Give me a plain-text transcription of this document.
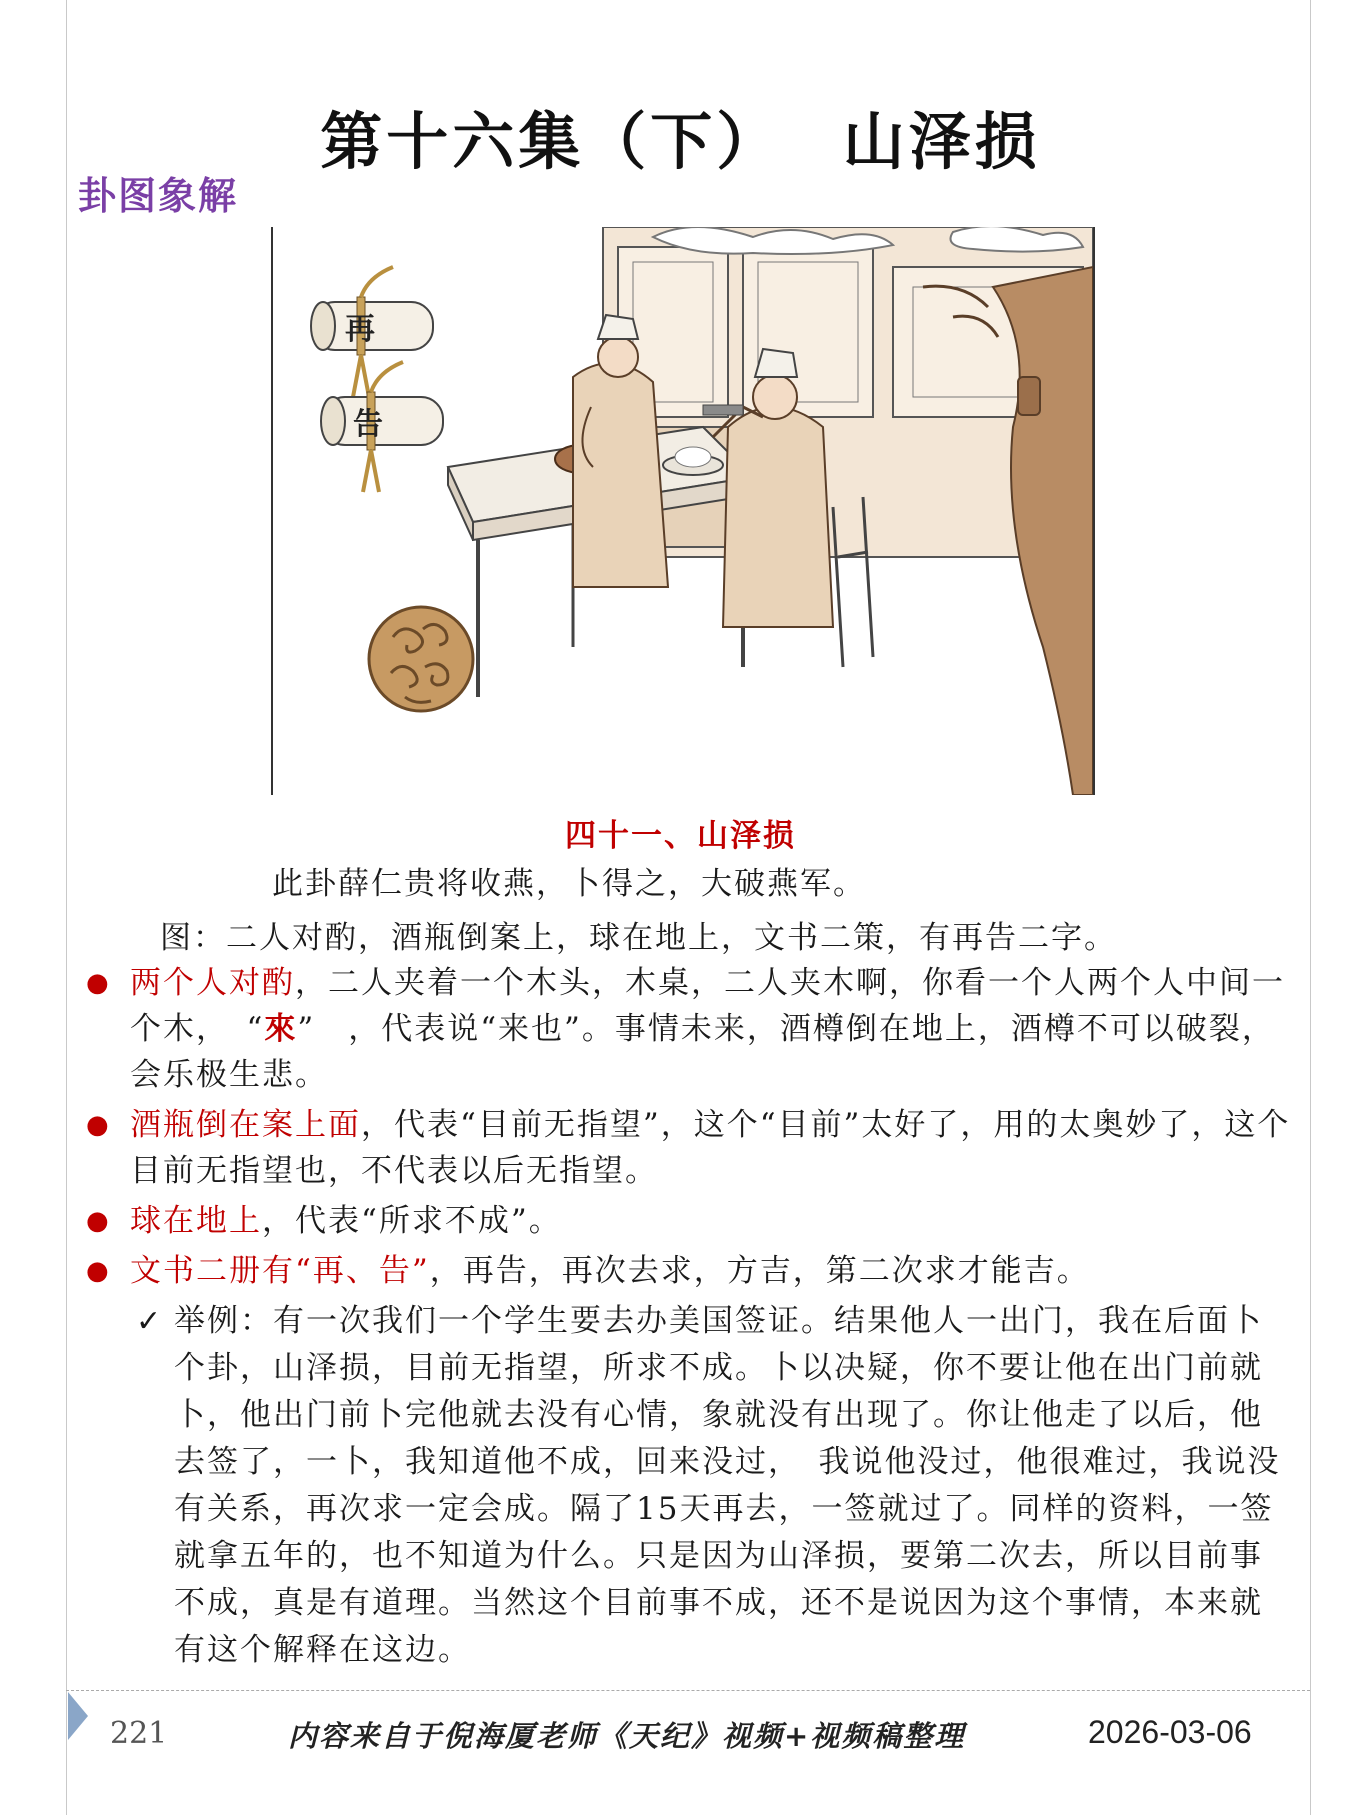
第十六集（下）　 山泽损
卦图象解
再
告
四十一、山泽损
此卦薛仁贵将收燕，卜得之，大破燕军。
图：二人对酌，酒瓶倒案上，球在地上，文书二策，有再告二字。
● 两个人对酌，二人夹着一个木头，木桌，二人夹木啊，你看一个人两个人中间一个木，　“來”　，代表说“来也”。事情未来，酒樽倒在地上，酒樽不可以破裂，会乐极生悲。
● 酒瓶倒在案上面，代表“目前无指望”，这个“目前”太好了，用的太奥妙了，这个目前无指望也，不代表以后无指望。
● 球在地上，代表“所求不成”。
● 文书二册有“再、告”，再告，再次去求，方吉，第二次求才能吉。
✓ 举例：有一次我们一个学生要去办美国签证。结果他人一出门，我在后面卜个卦，山泽损，目前无指望，所求不成。卜以决疑，你不要让他在出门前就卜，他出门前卜完他就去没有心情，象就没有出现了。你让他走了以后，他去签了，一卜，我知道他不成，回来没过，　我说他没过，他很难过，我说没有关系，再次求一定会成。隔了15天再去，一签就过了。同样的资料，一签就拿五年的，也不知道为什么。只是因为山泽损，要第二次去，所以目前事不成，真是有道理。当然这个目前事不成，还不是说因为这个事情，本来就有这个解释在这边。
221	内容来自于倪海厦老师《天纪》视频+视频稿整理	2026-03-06
